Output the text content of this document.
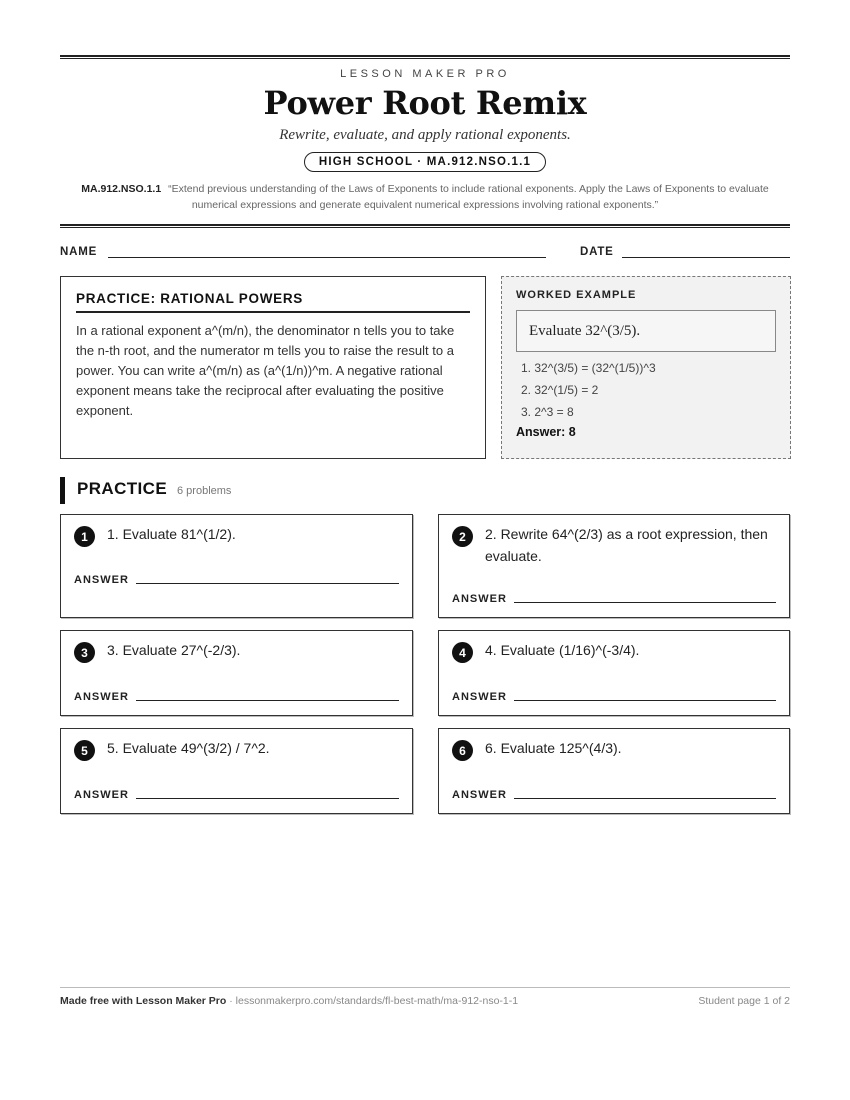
LESSON MAKER PRO
Power Root Remix
Rewrite, evaluate, and apply rational exponents.
HIGH SCHOOL · MA.912.NSO.1.1
MA.912.NSO.1.1 “Extend previous understanding of the Laws of Exponents to include rational exponents. Apply the Laws of Exponents to evaluate numerical expressions and generate equivalent numerical expressions involving rational exponents.”
NAME	DATE
PRACTICE: RATIONAL POWERS

In a rational exponent a^(m/n), the denominator n tells you to take the n-th root, and the numerator m tells you to raise the result to a power. You can write a^(m/n) as (a^(1/n))^m. A negative rational exponent means take the reciprocal after evaluating the positive exponent.

WORKED EXAMPLE
Evaluate 32^(3/5).
1. 32^(3/5) = (32^(1/5))^3
2. 32^(1/5) = 2
3. 2^3 = 8
Answer: 8
PRACTICE 6 problems
1	1. Evaluate 81^(1/2).
ANSWER
2	2. Rewrite 64^(2/3) as a root expression, then evaluate.
ANSWER
3	3. Evaluate 27^(-2/3).
ANSWER
4	4. Evaluate (1/16)^(-3/4).
ANSWER
5	5. Evaluate 49^(3/2) / 7^2.
ANSWER
6	6. Evaluate 125^(4/3).
ANSWER
Made free with Lesson Maker Pro · lessonmakerpro.com/standards/fl-best-math/ma-912-nso-1-1	Student page 1 of 2
